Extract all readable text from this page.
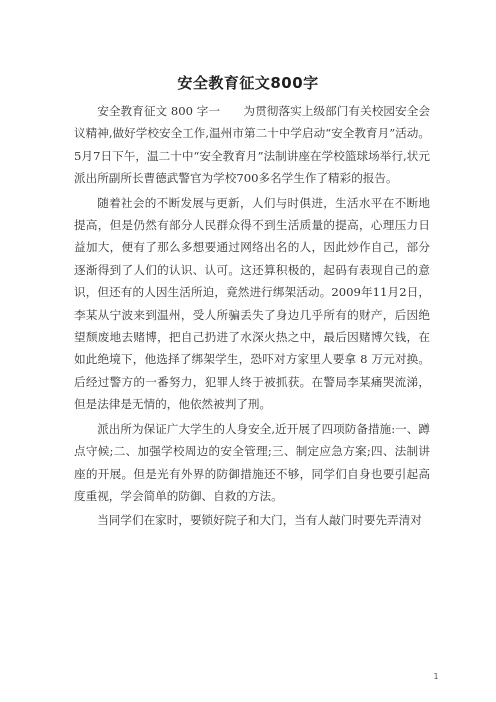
安全教育征文800字

安全教育征文 800 字一　　为贯彻落实上级部门有关校园安全会议精神,做好学校安全工作,温州市第二十中学启动“安全教育月”活动。5月7日下午，温二十中“安全教育月”法制讲座在学校篮球场举行,状元派出所副所长曹德武警官为学校700多名学生作了精彩的报告。

随着社会的不断发展与更新，人们与时俱进，生活水平在不断地提高，但是仍然有部分人民群众得不到生活质量的提高，心理压力日益加大，便有了那么多想要通过网络出名的人，因此炒作自己，部分逐渐得到了人们的认识、认可。这还算积极的，起码有表现自己的意识，但还有的人因生活所迫，竟然进行绑架活动。2009年11月2日，李某从宁波来到温州，受人所骗丢失了身边几乎所有的财产，后因绝望颓废地去赌博，把自己扔进了水深火热之中，最后因赌博欠钱，在如此绝境下，他选择了绑架学生，恐吓对方家里人要拿 8 万元对换。后经过警方的一番努力，犯罪人终于被抓获。在警局李某痛哭流涕，但是法律是无情的，他依然被判了刑。

派出所为保证广大学生的人身安全,近开展了四项防备措施:一、蹲点守候;二、加强学校周边的安全管理;三、制定应急方案;四、法制讲座的开展。但是光有外界的防御措施还不够，同学们自身也要引起高度重视，学会简单的防御、自救的方法。

当同学们在家时，要锁好院子和大门，当有人敲门时要先弄清对

1
